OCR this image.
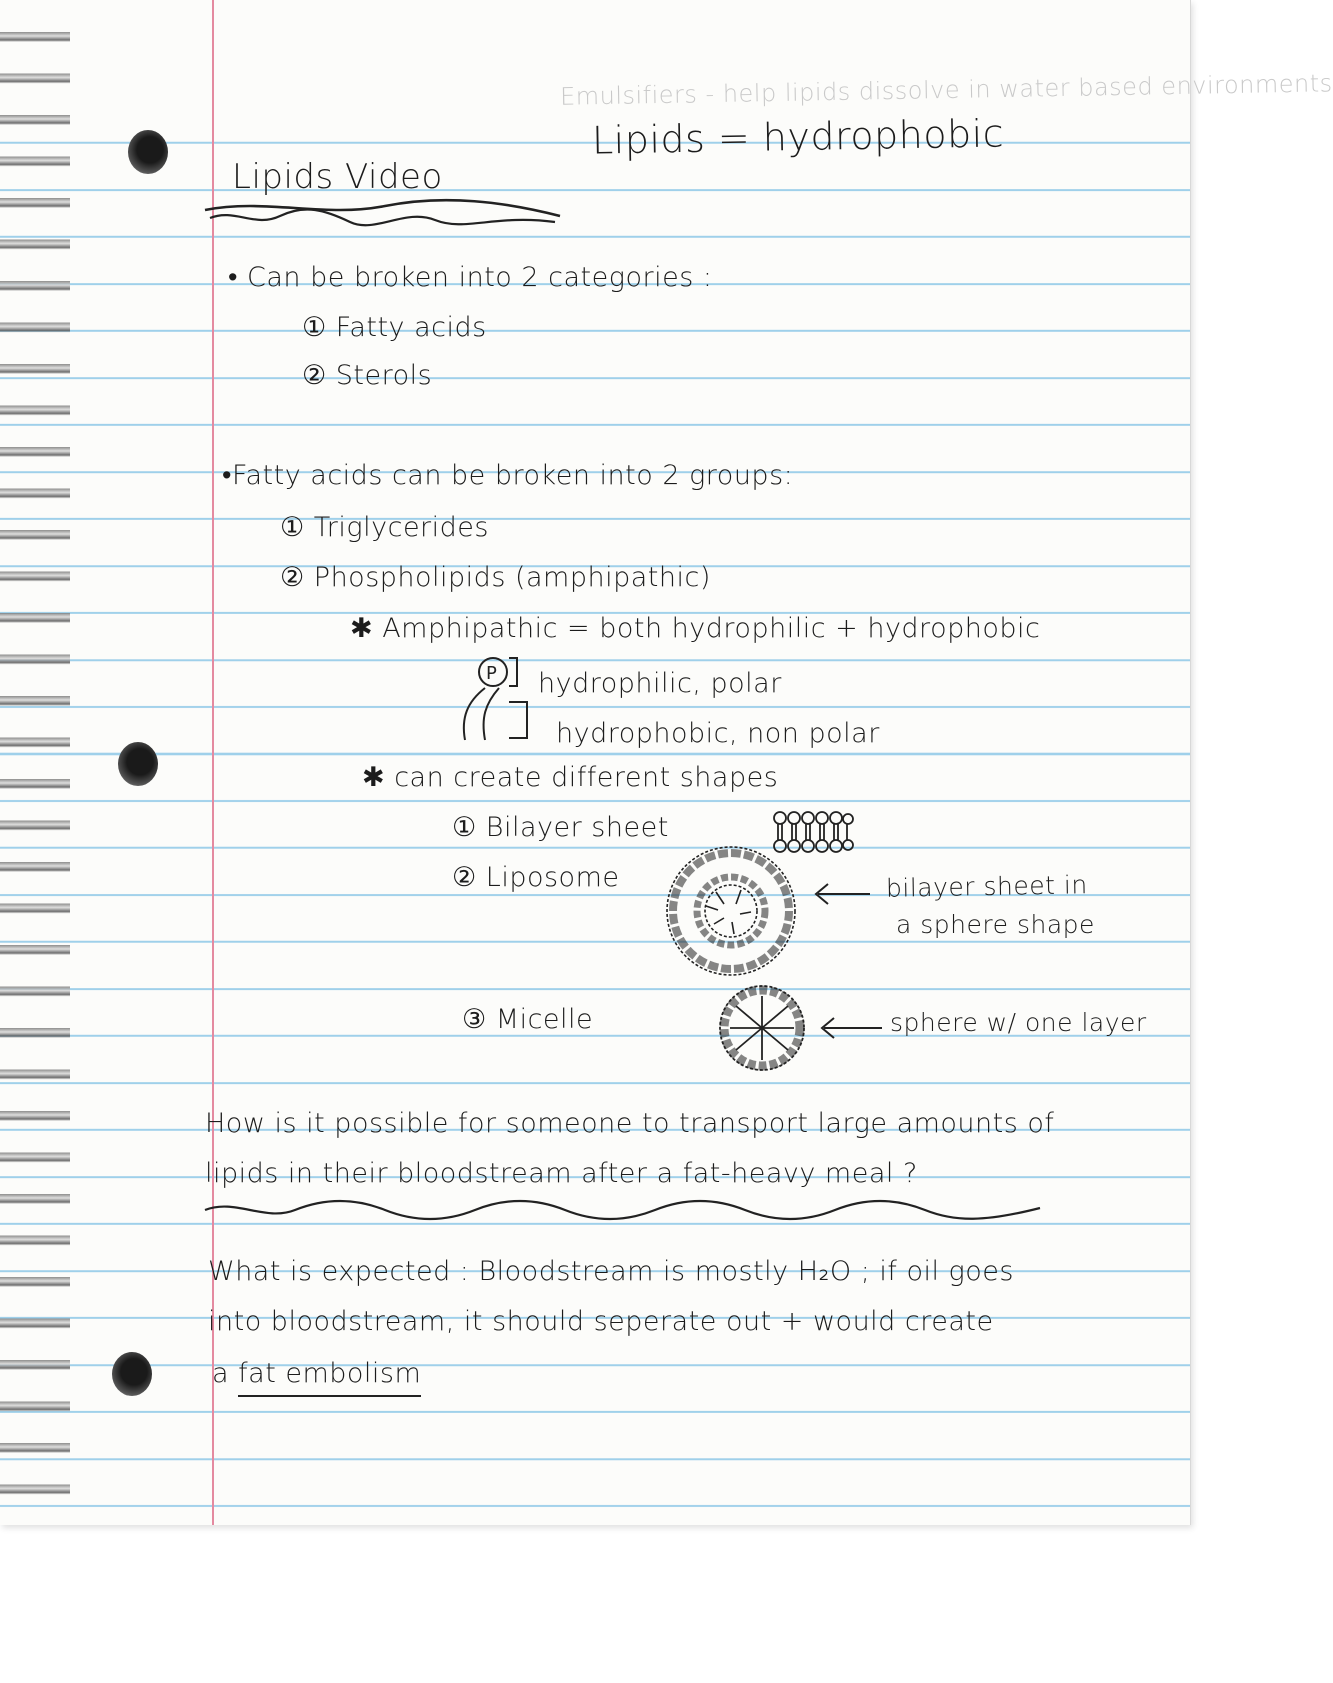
Emulsifiers - help lipids dissolve in water based environments

Lipids = hydrophobic

Lipids Video

• Can be broken into 2 categories :

① Fatty acids

② Sterols

•Fatty acids can be broken into 2 groups:

① Triglycerides

② Phospholipids (amphipathic)

✱ Amphipathic = both hydrophilic + hydrophobic

P hydrophilic, polar

hydrophobic, non polar

✱ can create different shapes

① Bilayer sheet

② Liposome	bilayer sheet in

a sphere shape

③ Micelle	sphere w/ one layer

How is it possible for someone to transport large amounts of

lipids in their bloodstream after a fat-heavy meal ?

What is expected : Bloodstream is mostly H₂O ; if oil goes

into bloodstream, it should seperate out + would create

a fat embolism
